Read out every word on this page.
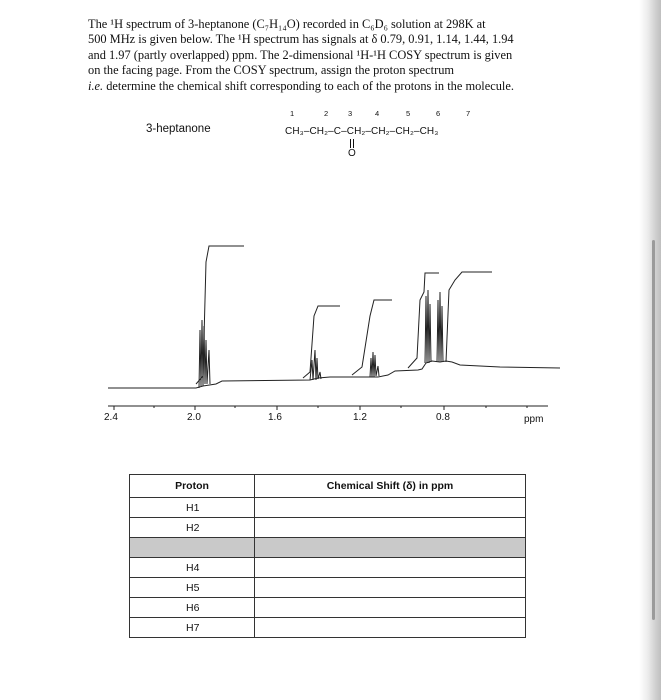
The ¹H spectrum of 3-heptanone (C₇H₁₄O) recorded in C₆D₆ solution at 298K at

500 MHz is given below. The ¹H spectrum has signals at δ 0.79, 0.91, 1.14, 1.44, 1.94

and 1.97 (partly overlapped) ppm. The 2-dimensional ¹H-¹H COSY spectrum is given

on the facing page. From the COSY spectrum, assign the proton spectrum

i.e. determine the chemical shift corresponding to each of the protons in the molecule.

3-heptanone
1	2	3	4	5	6	7
CH₃–CH₂–C–CH₂–CH₂–CH₂–CH₃
O
2.4	2.0	1.6	1.2	0.8	ppm
Proton	Chemical Shift (δ) in ppm
H1	
H2	

H4	
H5	
H6	
H7	
